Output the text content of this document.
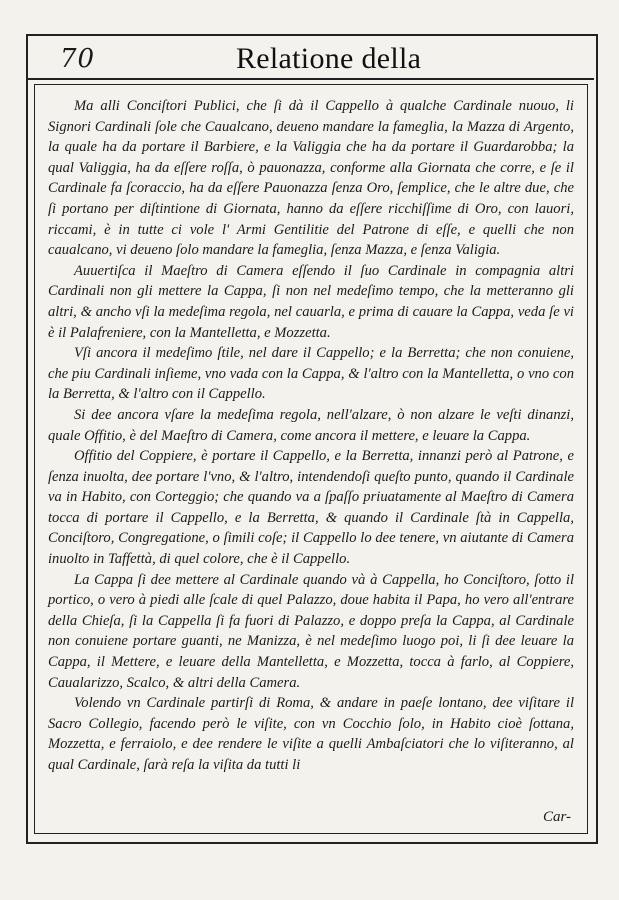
70	Relatione della

Ma alli Conciſtori Publici, che ſi dà il Cappello à qualche Cardinale nuouo, li Signori Cardinali ſole che Caualcano, deueno mandare la fameglia, la Mazza di Argento, la quale ha da portare il Barbiere, e la Valiggia che ha da portare il Guardarobba; la qual Valiggia, ha da eſſere roſſa, ò pauonazza, conforme alla Giornata che corre, e ſe il Cardinale fa ſcoraccio, ha da eſſere Pauonazza ſenza Oro, ſemplice, che le altre due, che ſi portano per diſtintione di Giornata, hanno da eſſere ricchiſſime di Oro, con lauori, riccami, è in tutte ci vole l' Armi Gentilitie del Patrone di eſſe, e quelli che non caualcano, vi deueno ſolo mandare la fameglia, ſenza Mazza, e ſenza Valigia.

Auuertiſca il Maeſtro di Camera eſſendo il ſuo Cardinale in compagnia altri Cardinali non gli mettere la Cappa, ſi non nel medeſimo tempo, che la metteranno gli altri, & ancho vſi la medeſima regola, nel cauarla, e prima di cauare la Cappa, veda ſe vi è il Palafreniere, con la Mantelletta, e Mozzetta.

Vſi ancora il medeſimo ſtile, nel dare il Cappello; e la Berretta; che non conuiene, che piu Cardinali inſieme, vno vada con la Cappa, & l'altro con la Mantelletta, o vno con la Berretta, & l'altro con il Cappello.

Si dee ancora vſare la medeſima regola, nell'alzare, ò non alzare le veſti dinanzi, quale Offitio, è del Maeſtro di Camera, come ancora il mettere, e leuare la Cappa.

Offitio del Coppiere, è portare il Cappello, e la Berretta, innanzi però al Patrone, e ſenza inuolta, dee portare l'vno, & l'altro, intendendoſi queſto punto, quando il Cardinale va in Habito, con Corteggio; che quando va a ſpaſſo priuatamente al Maeſtro di Camera tocca di portare il Cappello, e la Berretta, & quando il Cardinale ſtà in Cappella, Conciſtoro, Congregatione, o ſimili coſe; il Cappello lo dee tenere, vn aiutante di Camera inuolto in Taffettà, di quel colore, che è il Cappello.

La Cappa ſi dee mettere al Cardinale quando và à Cappella, ho Conciſtoro, ſotto il portico, o vero à piedi alle ſcale di quel Palazzo, doue habita il Papa, ho vero all'entrare della Chieſa, ſi la Cappella ſi fa fuori di Palazzo, e doppo preſa la Cappa, al Cardinale non conuiene portare guanti, ne Manizza, è nel medeſimo luogo poi, li ſi dee leuare la Cappa, il Mettere, e leuare della Mantelletta, e Mozzetta, tocca à farlo, al Coppiere, Caualarizzo, Scalco, & altri della Camera.

Volendo vn Cardinale partirſi di Roma, & andare in paeſe lontano, dee viſitare il Sacro Collegio, facendo però le viſite, con vn Cocchio ſolo, in Habito cioè ſottana, Mozzetta, e ferraiolo, e dee rendere le viſite a quelli Ambaſciatori che lo viſiteranno, al qual Cardinale, ſarà reſa la viſita da tutti li

Car-
